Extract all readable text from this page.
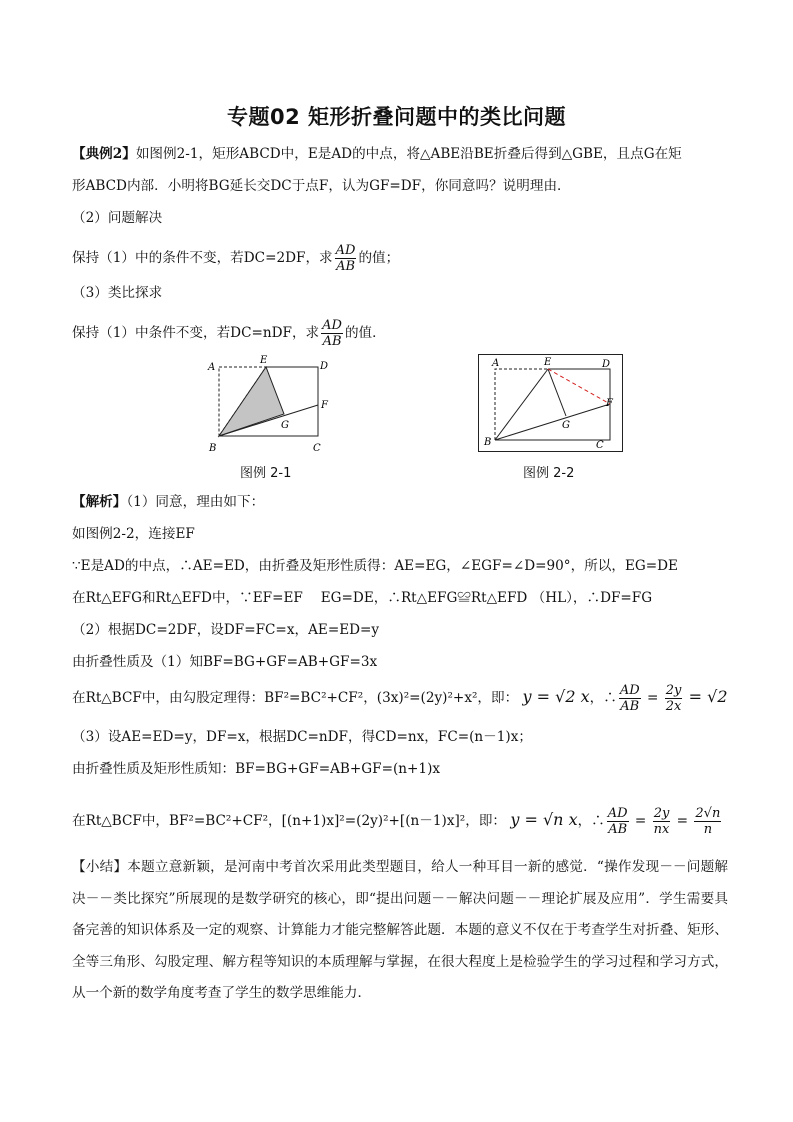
专题02 矩形折叠问题中的类比问题
【典例2】如图例2-1，矩形ABCD中，E是AD的中点，将△ABE沿BE折叠后得到△GBE，且点G在矩
形ABCD内部．小明将BG延长交DC于点F，认为GF=DF，你同意吗？说明理由．
（2）问题解决
保持（1）中的条件不变，若DC=2DF，求 $\frac{AD}{AB}$ 的值；
（3）类比探求
保持（1）中条件不变，若DC=nDF，求 $\frac{AD}{AB}$ 的值．
A
E
D
F
G
B	C
图例 2-1
A	E	D
F
G
B	C
图例 2-2
【解析】（1）同意，理由如下：
如图例2-2，连接EF
∵E是AD的中点，∴AE=ED，由折叠及矩形性质得：AE=EG，∠EGF=∠D=90°，所以，EG=DE
在Rt△EFG和Rt△EFD中，∵EF=EF　 EG=DE，∴Rt△EFG≌Rt△EFD （HL），∴DF=FG
（2）根据DC=2DF，设DF=FC=x，AE=ED=y
由折叠性质及（1）知BF=BG+GF=AB+GF=3x
在Rt△BCF中，由勾股定理得：BF²=BC²+CF²，(3x)²=(2y)²+x²，即： y = √2 x，∴ $\frac{AD}{AB} = \frac{2y}{2x} = √2$
（3）设AE=ED=y，DF=x，根据DC=nDF，得CD=nx，FC=(n－1)x；
由折叠性质及矩形性质知：BF=BG+GF=AB+GF=(n+1)x
在Rt△BCF中，BF²=BC²+CF²，[(n+1)x]²=(2y)²+[(n－1)x]²，即： y = √n x，∴ $\frac{AD}{AB} = \frac{2y}{nx} = \frac{2√n}{n}$
【小结】本题立意新颖，是河南中考首次采用此类型题目，给人一种耳目一新的感觉．“操作发现－－问题解决－－类比探究”所展现的是数学研究的核心，即“提出问题－－解决问题－－理论扩展及应用”．学生需要具备完善的知识体系及一定的观察、计算能力才能完整解答此题．本题的意义不仅在于考查学生对折叠、矩形、全等三角形、勾股定理、解方程等知识的本质理解与掌握，在很大程度上是检验学生的学习过程和学习方式，从一个新的数学角度考查了学生的数学思维能力．
